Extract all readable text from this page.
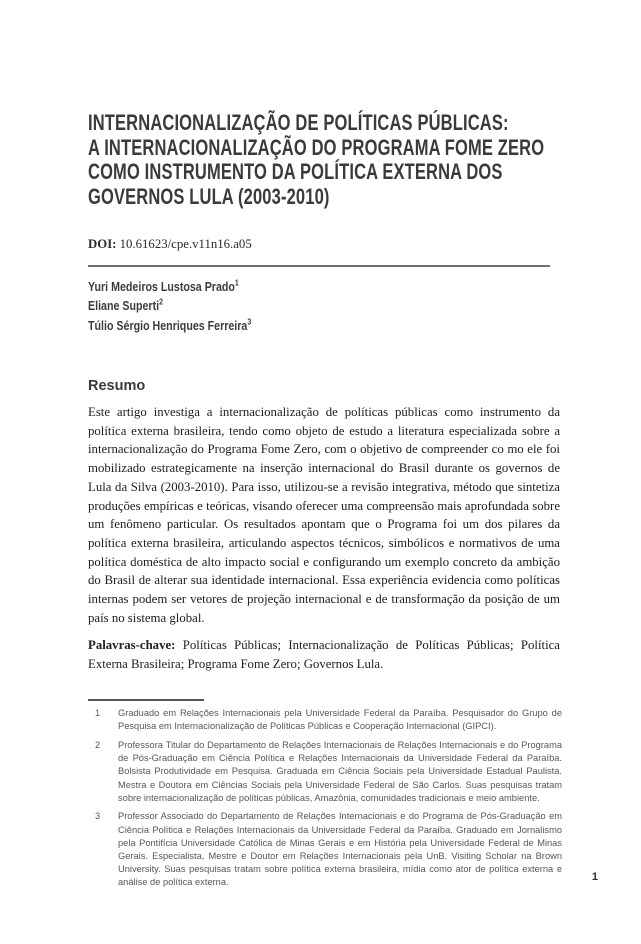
INTERNACIONALIZAÇÃO DE POLÍTICAS PÚBLICAS:
A INTERNACIONALIZAÇÃO DO PROGRAMA FOME ZERO
COMO INSTRUMENTO DA POLÍTICA EXTERNA DOS
GOVERNOS LULA (2003-2010)
DOI: 10.61623/cpe.v11n16.a05
Yuri Medeiros Lustosa Prado$^1$
Eliane Superti$^2$
Túlio Sérgio Henriques Ferreira$^3$
Resumo

Este artigo investiga a internacionalização de políticas públicas como instrumento da política externa brasileira, tendo como objeto de estudo a literatura especializada sobre a internacionalização do Programa Fome Zero, com o objetivo de compreender co mo ele foi mobilizado estrategicamente na inserção internacional do Brasil durante os governos de Lula da Silva (2003-2010). Para isso, utilizou-se a revisão integrativa, método que sintetiza produções empíricas e teóricas, visando oferecer uma compreensão mais aprofundada sobre um fenômeno particular. Os resultados apontam que o Programa foi um dos pilares da política externa brasileira, articulando aspectos técnicos, simbólicos e normativos de uma política doméstica de alto impacto social e configurando um exemplo concreto da ambição do Brasil de alterar sua identidade internacional. Essa experiência evidencia como políticas internas podem ser vetores de projeção internacional e de transformação da posição de um país no sistema global.

Palavras-chave: Políticas Públicas; Internacionalização de Políticas Públicas; Política Externa Brasileira; Programa Fome Zero; Governos Lula.

1	Graduado em Relações Internacionais pela Universidade Federal da Paraíba. Pesquisador do Grupo de Pesquisa em Internacionalização de Políticas Públicas e Cooperação Internacional (GIPCI).
2	Professora Titular do Departamento de Relações Internacionais de Relações Internacionais e do Programa de Pós-Graduação em Ciência Política e Relações Internacionais da Universidade Federal da Paraíba. Bolsista Produtividade em Pesquisa. Graduada em Ciência Sociais pela Universidade Estadual Paulista. Mestra e Doutora em Ciências Sociais pela Universidade Federal de São Carlos. Suas pesquisas tratam sobre internacionalização de políticas públicas, Amazônia, comunidades tradicionais e meio ambiente.
3	Professor Associado do Departamento de Relações Internacionais e do Programa de Pós-Graduação em Ciência Política e Relações Internacionais da Universidade Federal da Paraíba. Graduado em Jornalismo pela Pontifícia Universidade Católica de Minas Gerais e em História pela Universidade Federal de Minas Gerais. Especialista, Mestre e Doutor em Relações Internacionais pela UnB. Visiting Scholar na Brown University. Suas pesquisas tratam sobre política externa brasileira, mídia como ator de política externa e análise de política externa.	1
